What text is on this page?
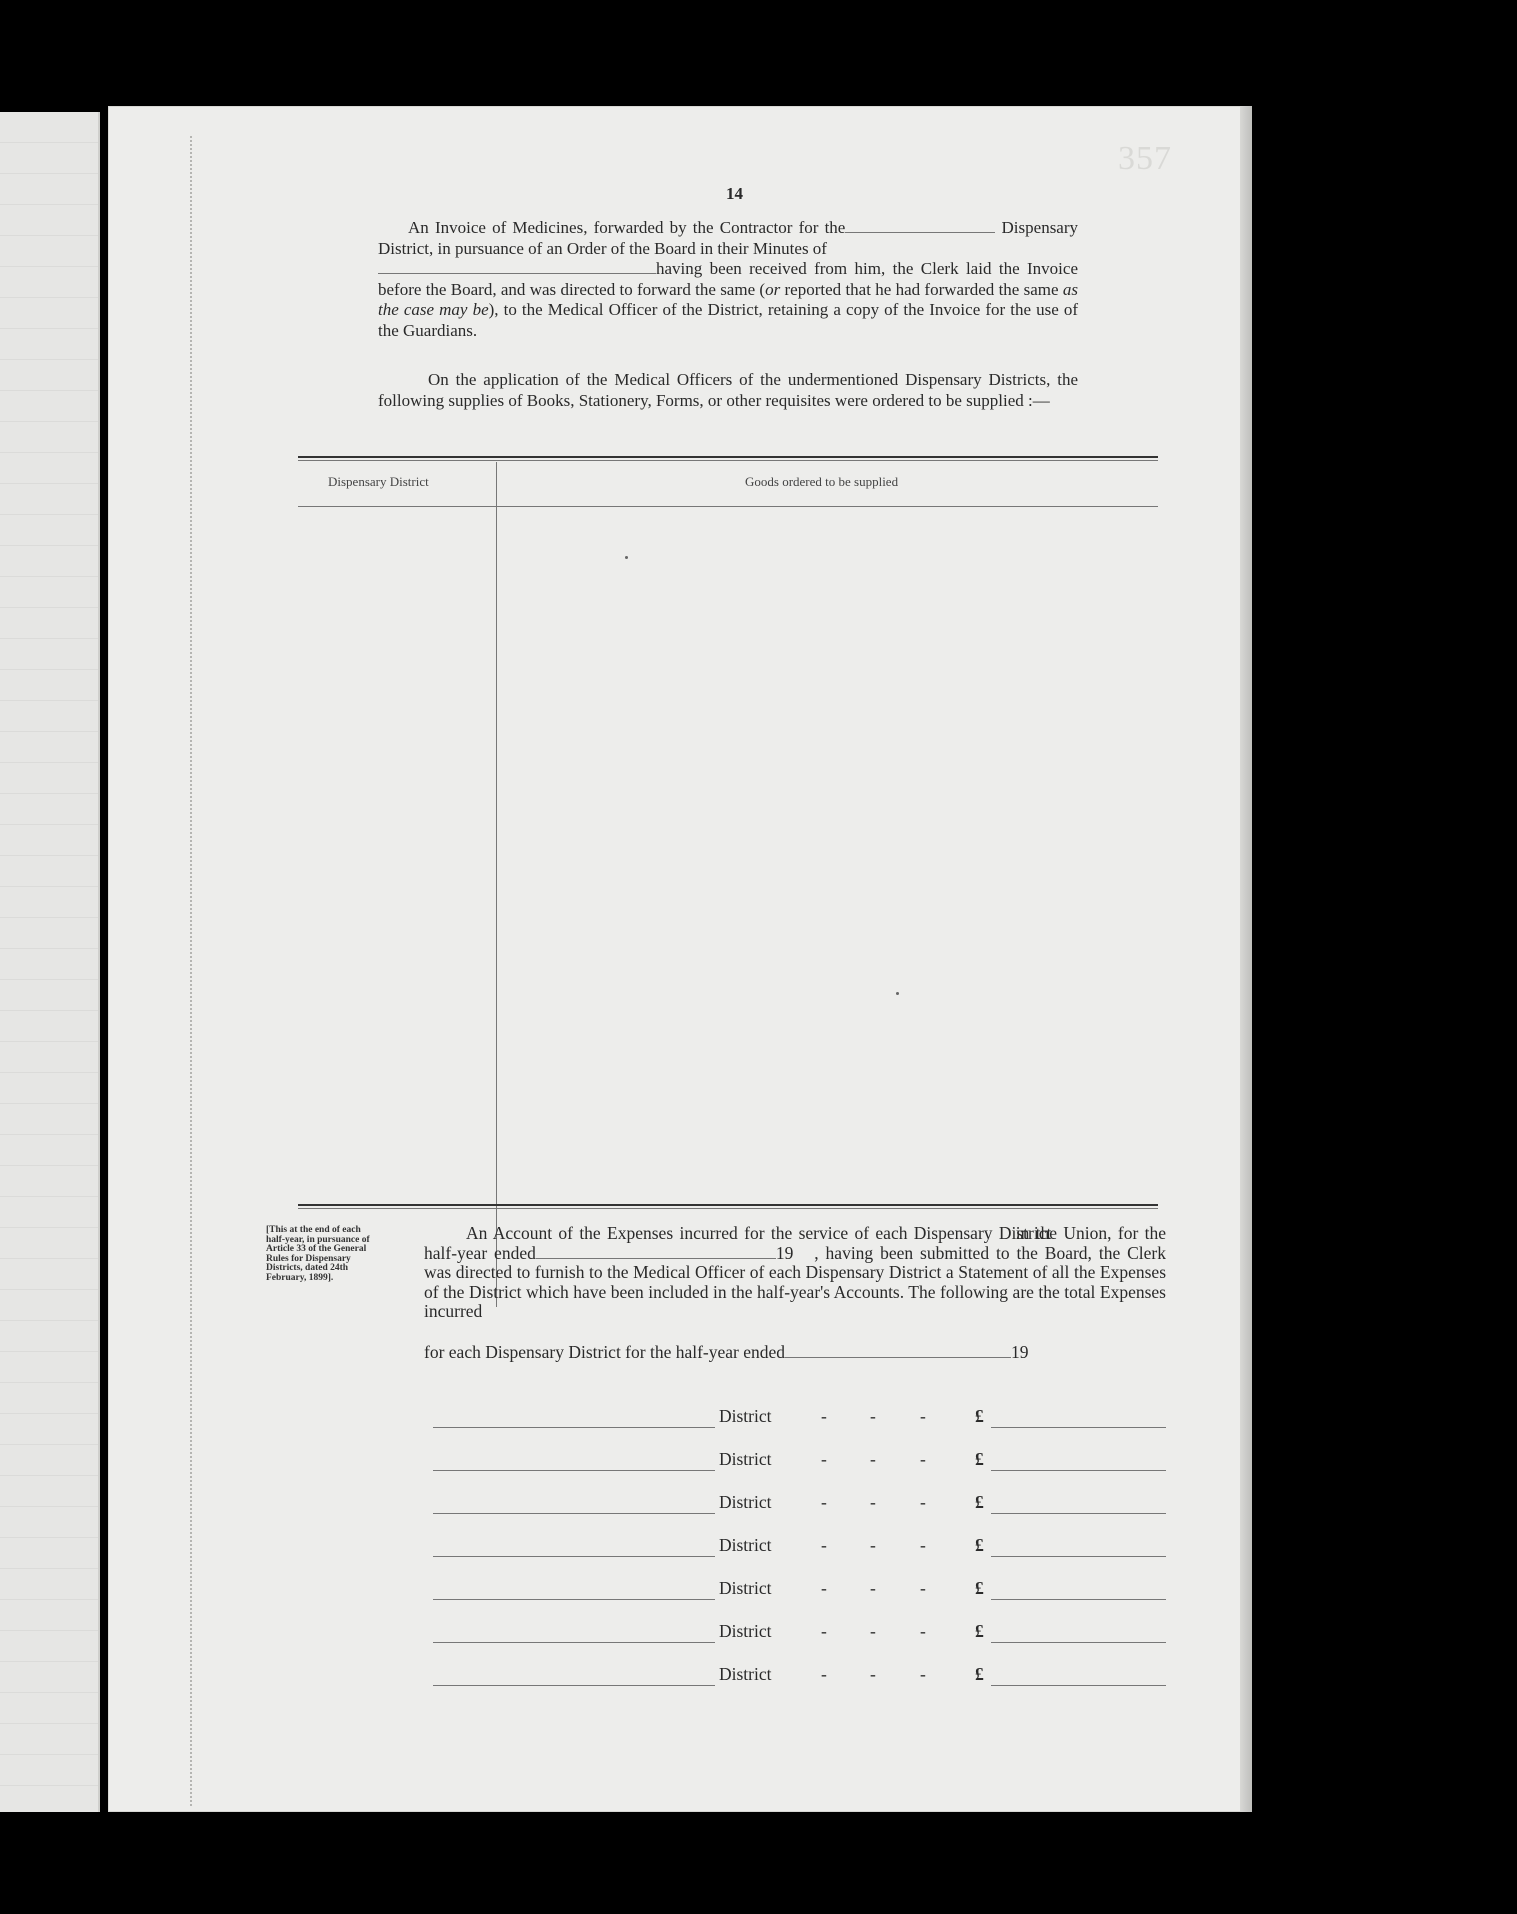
357
14
An Invoice of Medicines, forwarded by the Contractor for the	Dispensary District, in pursuance of an Order of the Board in their Minutes of
having been received from him, the Clerk laid the Invoice before the Board, and was directed to forward the same (or reported that he had forwarded the same as the case may be), to the Medical Officer of the District, retaining a copy of the Invoice for the use of the Guardians.
On the application of the Medical Officers of the undermentioned Dispensary Districts, the following supplies of Books, Stationery, Forms, or other requisites were ordered to be supplied :—
Dispensary District	Goods ordered to be supplied
[This at the end of each half-year, in pursuance of Article 33 of the General Rules for Dispensary Districts, dated 24th February, 1899].
An Account of the Expenses incurred for the service of each Dispensary District in the Union, for the half-year ended	19 , having been submitted to the Board, the Clerk was directed to furnish to the Medical Officer of each Dispensary District a Statement of all the Expenses of the District which have been included in the half-year's Accounts. The following are the total Expenses incurred
for each Dispensary District for the half-year ended	19
District	- -	-	£
District	- -	-	£
District	- -	-	£
District	- -	-	£
District	- -	-	£
District	- -	-	£
District	- -	-	£
